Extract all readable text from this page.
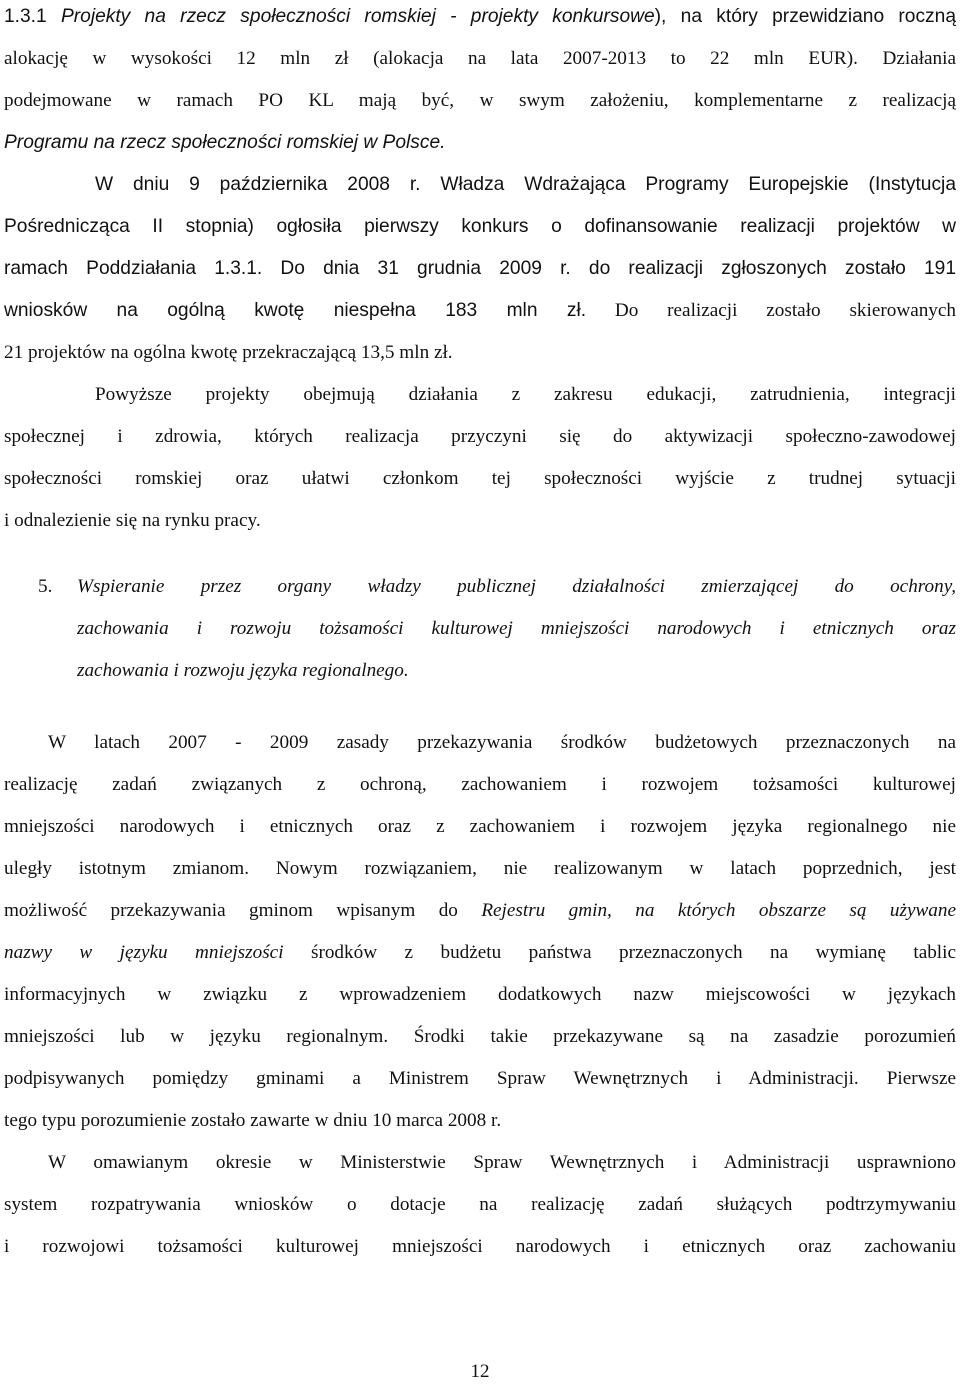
1.3.1 Projekty na rzecz społeczności romskiej - projekty konkursowe), na który przewidziano roczną
alokację w wysokości 12 mln zł (alokacja na lata 2007-2013 to 22 mln EUR). Działania
podejmowane w ramach PO KL mają być, w swym założeniu, komplementarne z realizacją
Programu na rzecz społeczności romskiej w Polsce.
W dniu 9 października 2008 r. Władza Wdrażająca Programy Europejskie (Instytucja
Pośrednicząca II stopnia) ogłosiła pierwszy konkurs o dofinansowanie realizacji projektów w
ramach Poddziałania 1.3.1. Do dnia 31 grudnia 2009 r. do realizacji zgłoszonych zostało 191
wniosków na ogólną kwotę niespełna 183 mln zł. Do realizacji zostało skierowanych
21 projektów na ogólna kwotę przekraczającą 13,5 mln zł.
Powyższe projekty obejmują działania z zakresu edukacji, zatrudnienia, integracji
społecznej i zdrowia, których realizacja przyczyni się do aktywizacji społeczno-zawodowej
społeczności romskiej oraz ułatwi członkom tej społeczności wyjście z trudnej sytuacji
i odnalezienie się na rynku pracy.
5. Wspieranie przez organy władzy publicznej działalności zmierzającej do ochrony,
zachowania i rozwoju tożsamości kulturowej mniejszości narodowych i etnicznych oraz
zachowania i rozwoju języka regionalnego.
W latach 2007 - 2009 zasady przekazywania środków budżetowych przeznaczonych na
realizację zadań związanych z ochroną, zachowaniem i rozwojem tożsamości kulturowej
mniejszości narodowych i etnicznych oraz z zachowaniem i rozwojem języka regionalnego nie
uległy istotnym zmianom. Nowym rozwiązaniem, nie realizowanym w latach poprzednich, jest
możliwość przekazywania gminom wpisanym do Rejestru gmin, na których obszarze są używane
nazwy w języku mniejszości środków z budżetu państwa przeznaczonych na wymianę tablic
informacyjnych w związku z wprowadzeniem dodatkowych nazw miejscowości w językach
mniejszości lub w języku regionalnym. Środki takie przekazywane są na zasadzie porozumień
podpisywanych pomiędzy gminami a Ministrem Spraw Wewnętrznych i Administracji. Pierwsze
tego typu porozumienie zostało zawarte w dniu 10 marca 2008 r.
W omawianym okresie w Ministerstwie Spraw Wewnętrznych i Administracji usprawniono
system rozpatrywania wniosków o dotacje na realizację zadań służących podtrzymywaniu
i rozwojowi tożsamości kulturowej mniejszości narodowych i etnicznych oraz zachowaniu
12
